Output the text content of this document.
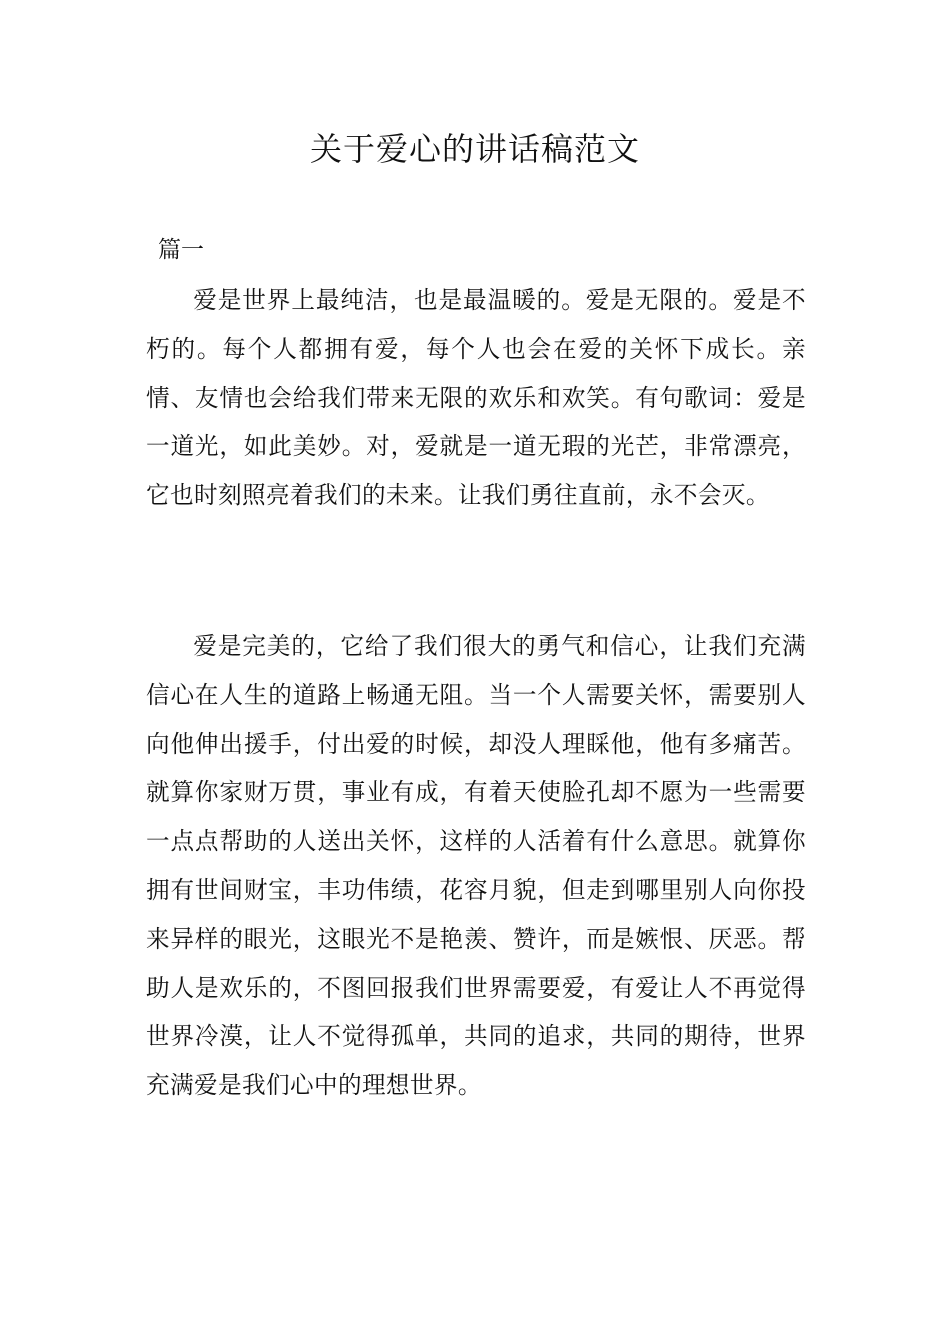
关于爱心的讲话稿范文

篇一

爱是世界上最纯洁，也是最温暖的。爱是无限的。爱是不朽的。每个人都拥有爱，每个人也会在爱的关怀下成长。亲情、友情也会给我们带来无限的欢乐和欢笑。有句歌词：爱是一道光，如此美妙。对，爱就是一道无瑕的光芒，非常漂亮，它也时刻照亮着我们的未来。让我们勇往直前，永不会灭。

爱是完美的，它给了我们很大的勇气和信心，让我们充满信心在人生的道路上畅通无阻。当一个人需要关怀，需要别人向他伸出援手，付出爱的时候，却没人理睬他，他有多痛苦。就算你家财万贯，事业有成，有着天使脸孔却不愿为一些需要一点点帮助的人送出关怀，这样的人活着有什么意思。就算你拥有世间财宝，丰功伟绩，花容月貌，但走到哪里别人向你投来异样的眼光，这眼光不是艳羡、赞许，而是嫉恨、厌恶。帮助人是欢乐的，不图回报我们世界需要爱，有爱让人不再觉得世界冷漠，让人不觉得孤单，共同的追求，共同的期待，世界充满爱是我们心中的理想世界。
